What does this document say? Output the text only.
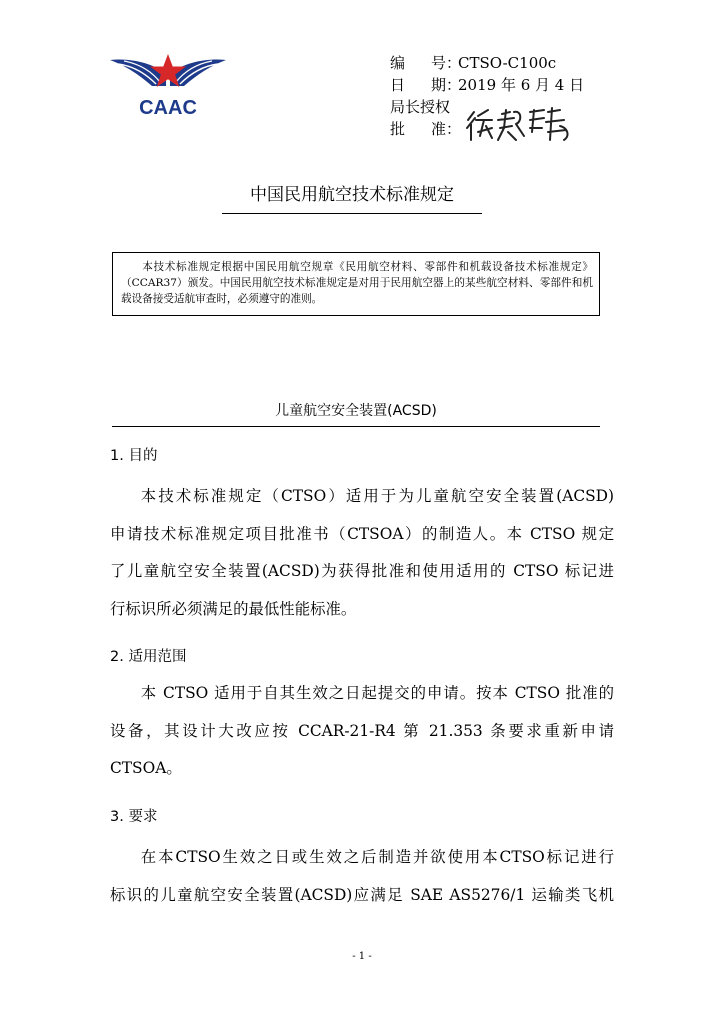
CAAC
编 号 ：
CTSO-C100c
日 期 ：
2019 年 6 月 4 日
局长授权
批 准 ：
中国民用航空技术标准规定
本技术标准规定根据中国民用航空规章《民用航空材料、零部件和机载设备技术标准规定》（CCAR37）颁发。中国民用航空技术标准规定是对用于民用航空器上的某些航空材料、零部件和机载设备接受适航审查时，必须遵守的准则。
儿童航空安全装置(ACSD)
1. 目的
本技术标准规定（CTSO）适用于为儿童航空安全装置(ACSD)
申请技术标准规定项目批准书（CTSOA）的制造人。本 CTSO 规定
了儿童航空安全装置(ACSD)为获得批准和使用适用的 CTSO 标记进
行标识所必须满足的最低性能标准。
2. 适用范围
本 CTSO 适用于自其生效之日起提交的申请。按本 CTSO 批准的
设备，其设计大改应按 CCAR-21-R4 第 21.353 条要求重新申请
CTSOA。
3. 要求
在本CTSO生效之日或生效之后制造并欲使用本CTSO标记进行
标识的儿童航空安全装置(ACSD)应满足 SAE AS5276/1 运输类飞机
- 1 -
